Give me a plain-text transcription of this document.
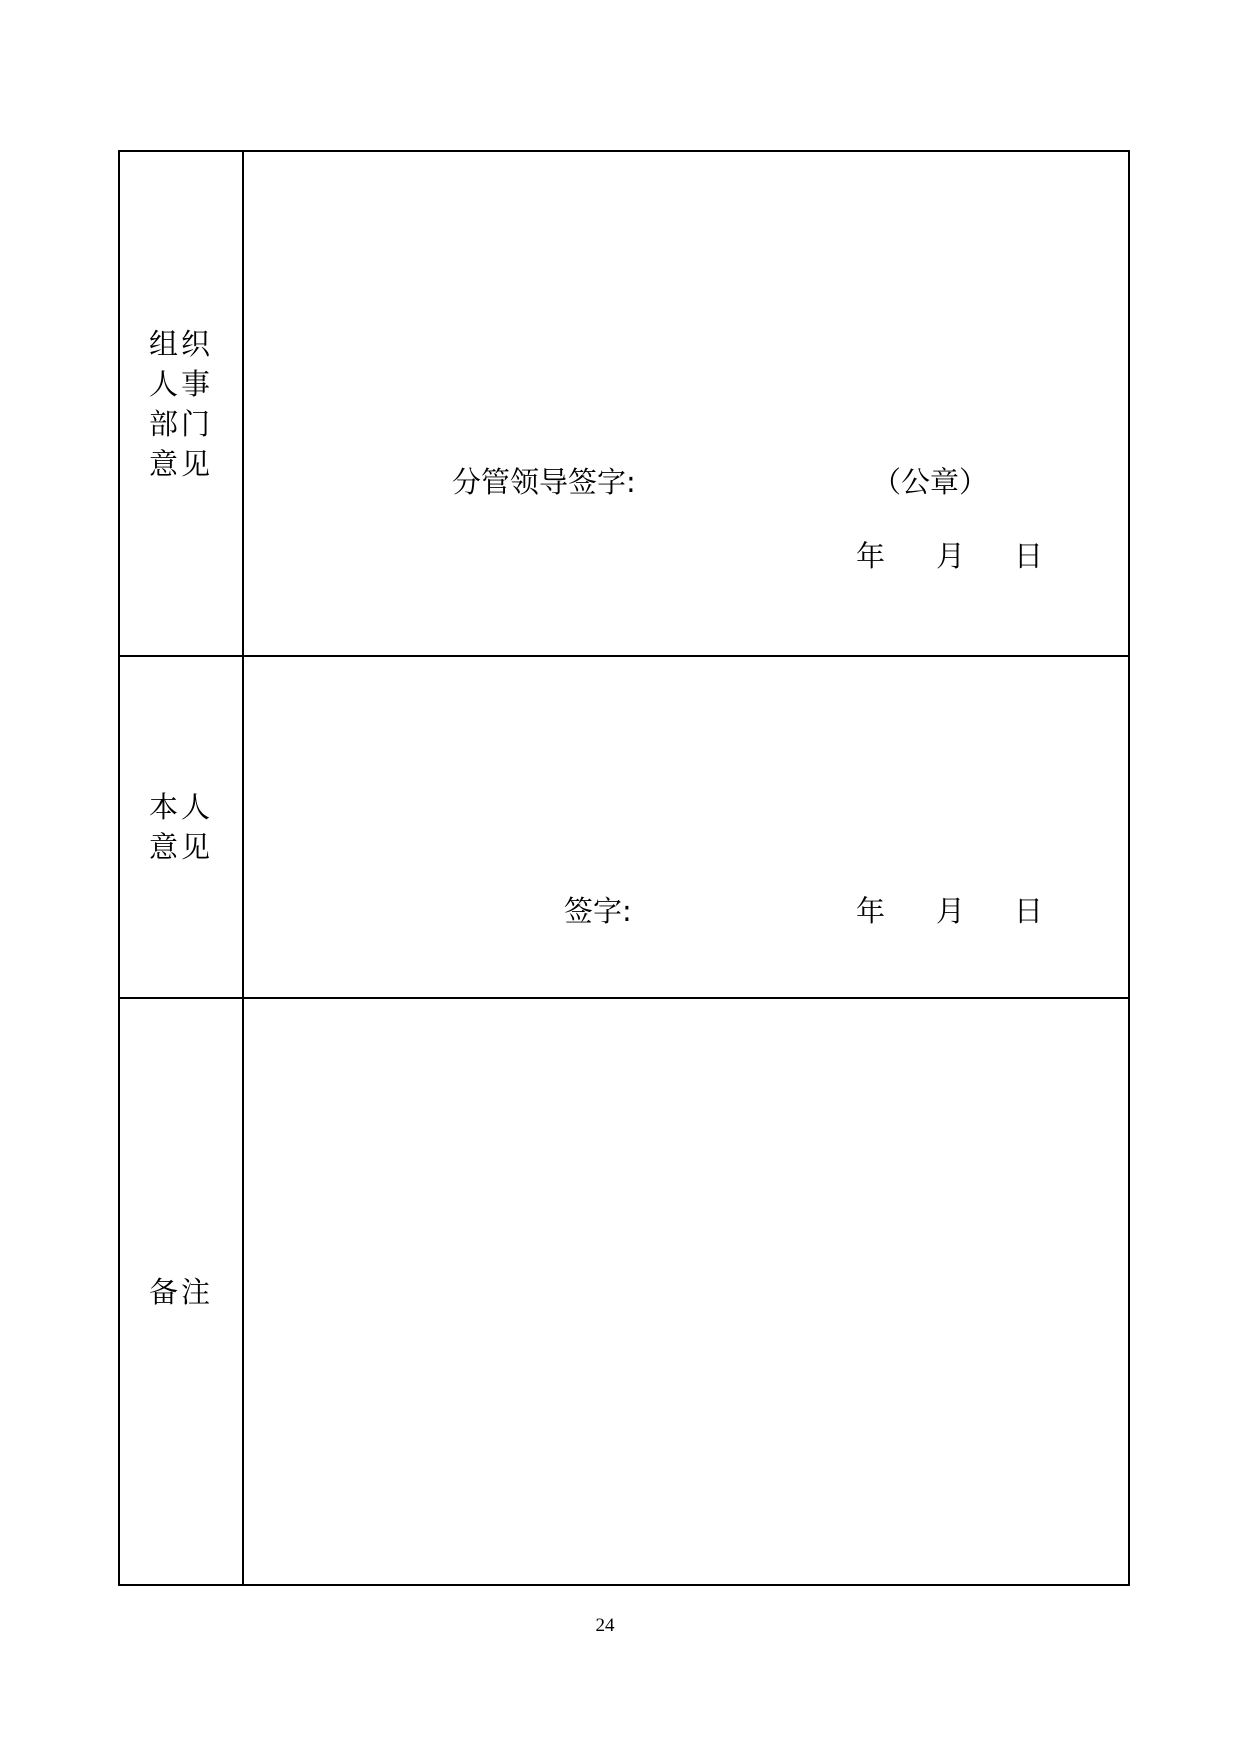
组织
人事
部门
意见
分管领导签字:	（公章）
年 月 日
本人
意见
签字:	年 月 日
备注
24
